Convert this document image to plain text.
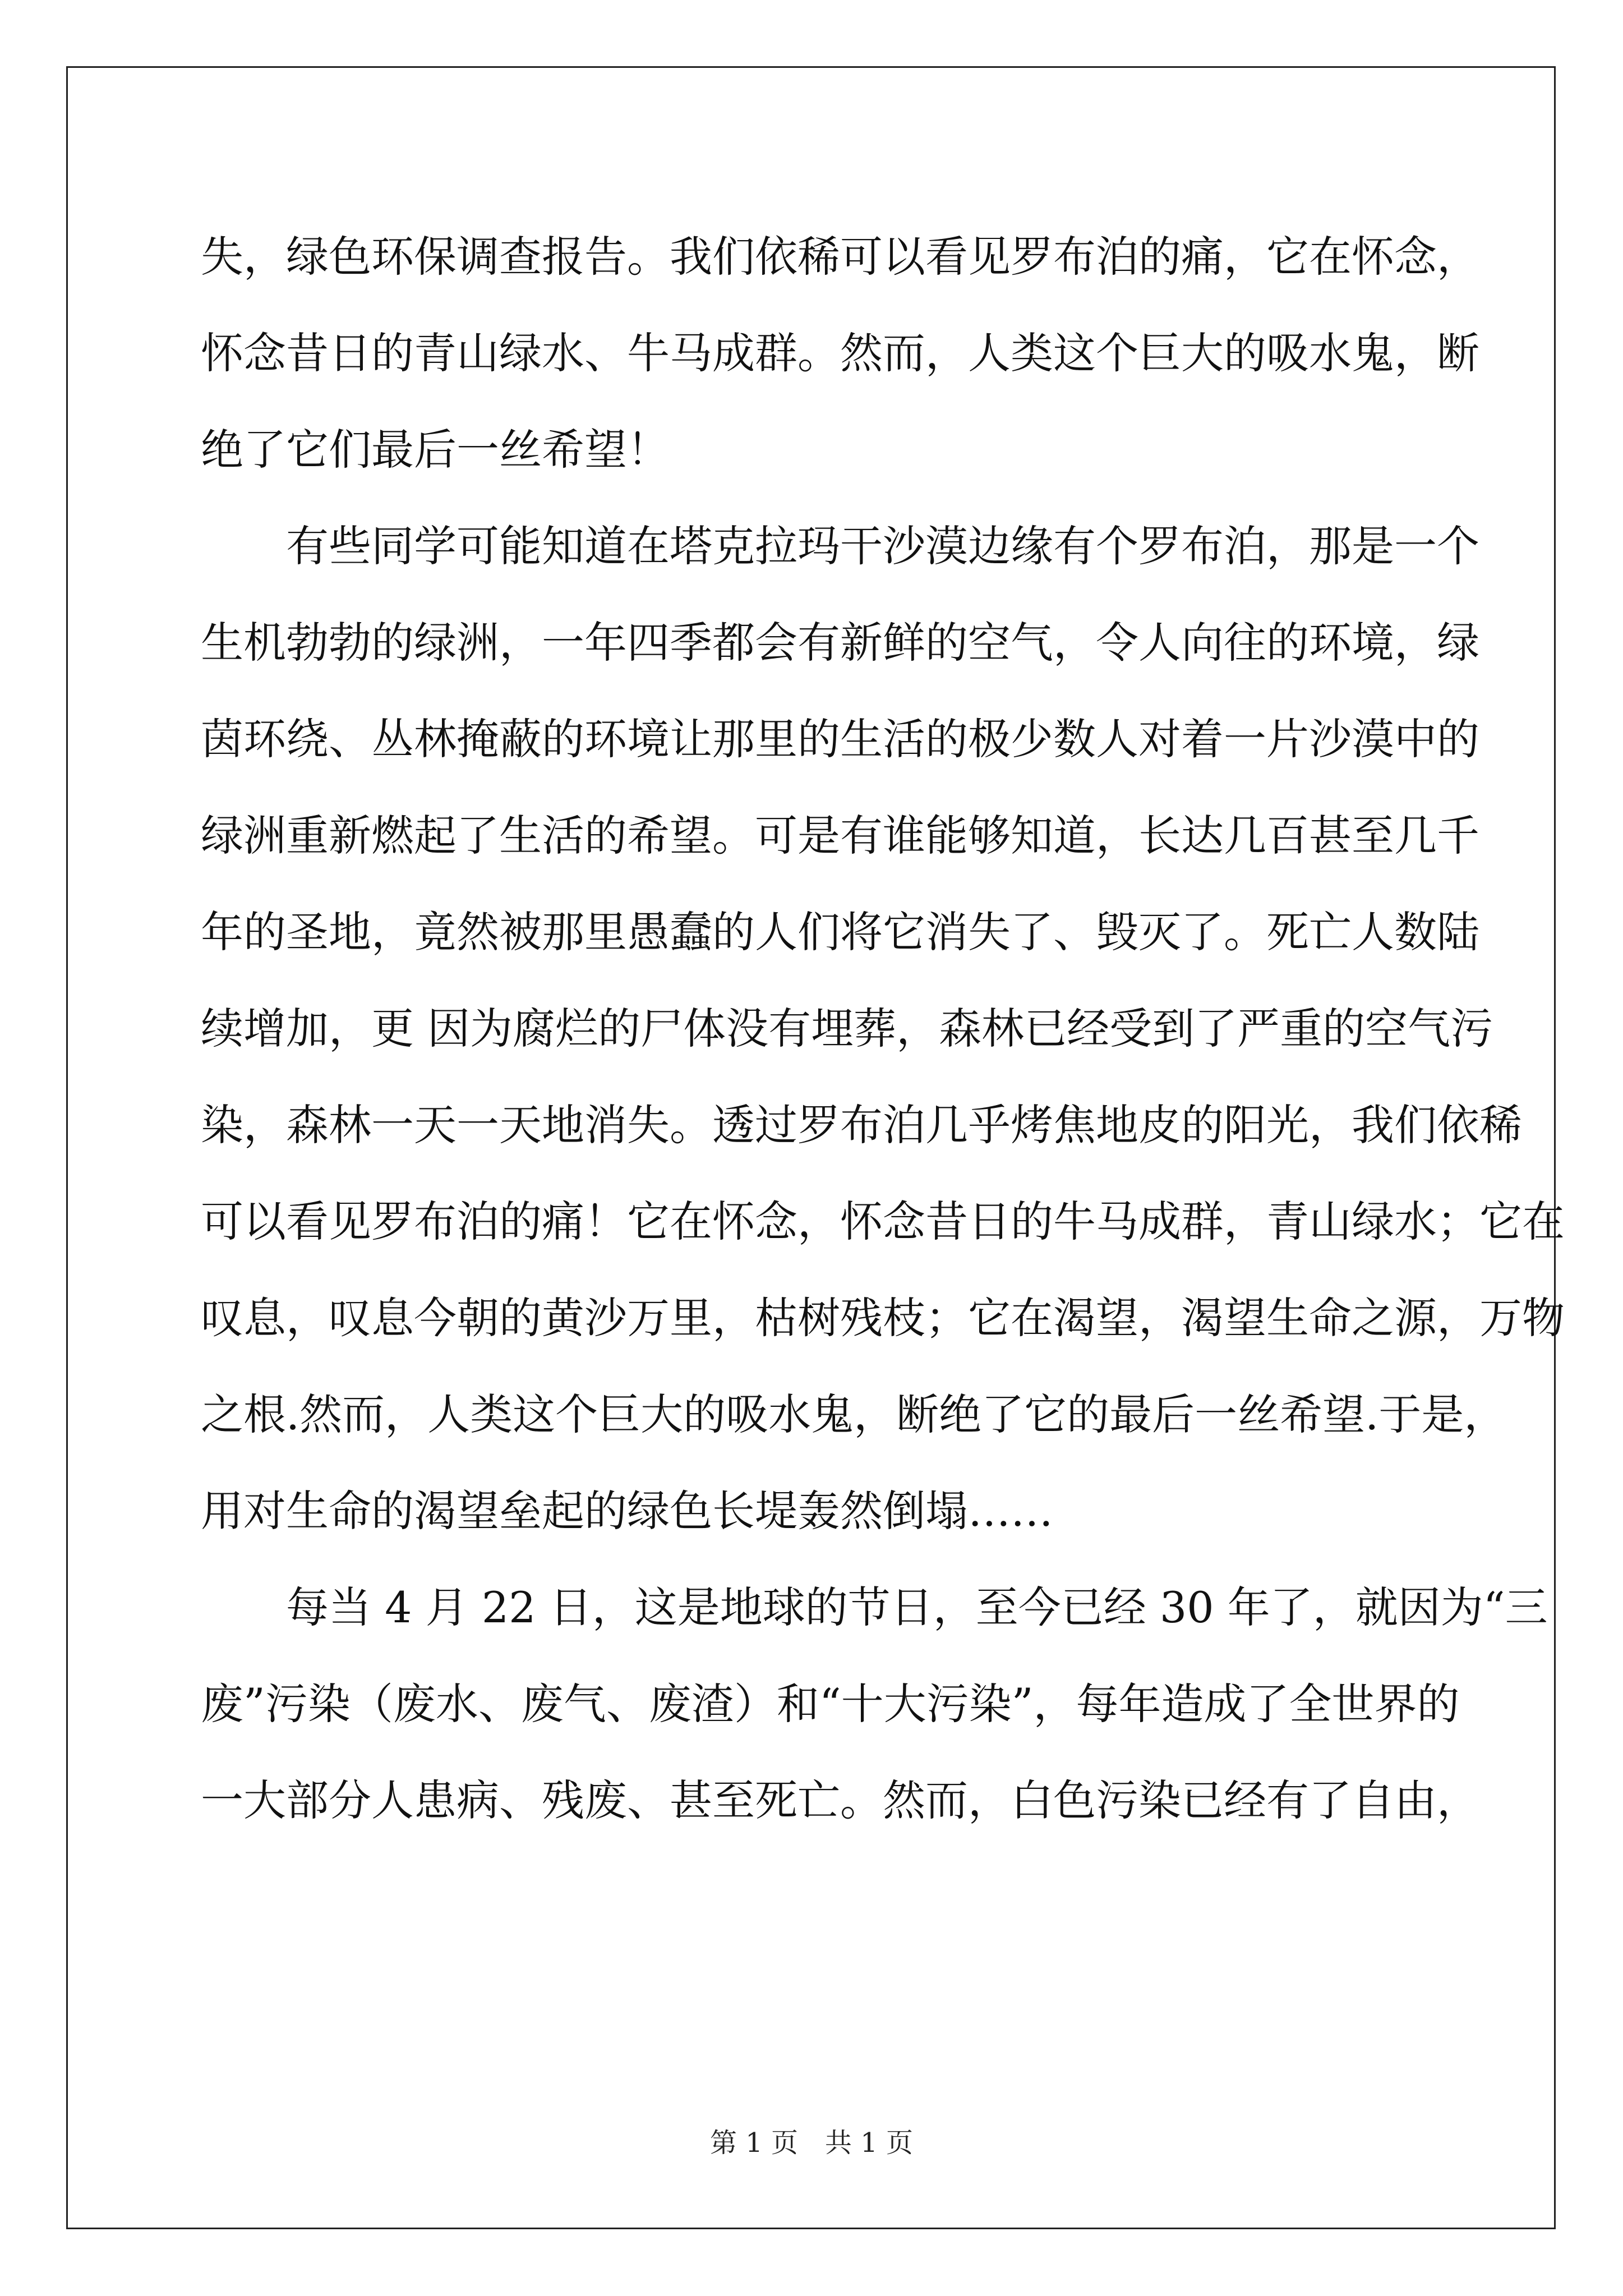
失，绿色环保调查报告。我们依稀可以看见罗布泊的痛，它在怀念，
怀念昔日的青山绿水、牛马成群。然而，人类这个巨大的吸水鬼，断
绝了它们最后一丝希望！
有些同学可能知道在塔克拉玛干沙漠边缘有个罗布泊，那是一个
生机勃勃的绿洲，一年四季都会有新鲜的空气，令人向往的环境，绿
茵环绕、丛林掩蔽的环境让那里的生活的极少数人对着一片沙漠中的
绿洲重新燃起了生活的希望。可是有谁能够知道，长达几百甚至几千
年的圣地，竟然被那里愚蠢的人们将它消失了、毁灭了。死亡人数陆
续增加，更 因为腐烂的尸体没有埋葬，森林已经受到了严重的空气污
染，森林一天一天地消失。透过罗布泊几乎烤焦地皮的阳光，我们依稀
可以看见罗布泊的痛！它在怀念，怀念昔日的牛马成群，青山绿水；它在
叹息，叹息今朝的黄沙万里，枯树残枝；它在渴望，渴望生命之源，万物
之根.然而，人类这个巨大的吸水鬼，断绝了它的最后一丝希望.于是，
用对生命的渴望垒起的绿色长堤轰然倒塌……
每当 4 月 22 日，这是地球的节日，至今已经 30 年了，就因为“三
废”污染（废水、废气、废渣）和“十大污染”，每年造成了全世界的
一大部分人患病、残废、甚至死亡。然而，白色污染已经有了自由，
第 1 页　共 1 页
